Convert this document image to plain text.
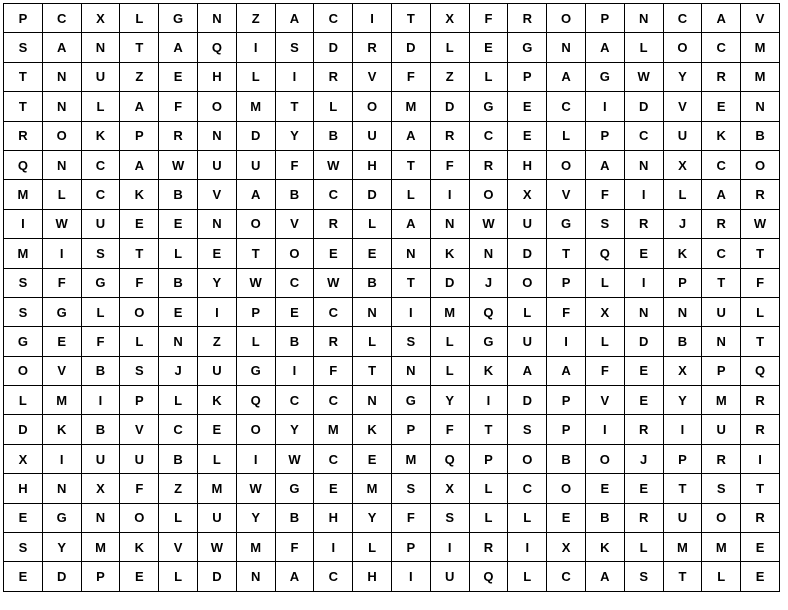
P	C	X	L	G	N	Z	A	C	I	T	X	F	R	O	P	N	C	A	V
S	A	N	T	A	Q	I	S	D	R	D	L	E	G	N	A	L	O	C	M
T	N	U	Z	E	H	L	I	R	V	F	Z	L	P	A	G	W	Y	R	M
T	N	L	A	F	O	M	T	L	O	M	D	G	E	C	I	D	V	E	N
R	O	K	P	R	N	D	Y	B	U	A	R	C	E	L	P	C	U	K	B
Q	N	C	A	W	U	U	F	W	H	T	F	R	H	O	A	N	X	C	O
M	L	C	K	B	V	A	B	C	D	L	I	O	X	V	F	I	L	A	R
I	W	U	E	E	N	O	V	R	L	A	N	W	U	G	S	R	J	R	W
M	I	S	T	L	E	T	O	E	E	N	K	N	D	T	Q	E	K	C	T
S	F	G	F	B	Y	W	C	W	B	T	D	J	O	P	L	I	P	T	F
S	G	L	O	E	I	P	E	C	N	I	M	Q	L	F	X	N	N	U	L
G	E	F	L	N	Z	L	B	R	L	S	L	G	U	I	L	D	B	N	T
O	V	B	S	J	U	G	I	F	T	N	L	K	A	A	F	E	X	P	Q
L	M	I	P	L	K	Q	C	C	N	G	Y	I	D	P	V	E	Y	M	R
D	K	B	V	C	E	O	Y	M	K	P	F	T	S	P	I	R	I	U	R
X	I	U	U	B	L	I	W	C	E	M	Q	P	O	B	O	J	P	R	I
H	N	X	F	Z	M	W	G	E	M	S	X	L	C	O	E	E	T	S	T
E	G	N	O	L	U	Y	B	H	Y	F	S	L	L	E	B	R	U	O	R
S	Y	M	K	V	W	M	F	I	L	P	I	R	I	X	K	L	M	M	E
E	D	P	E	L	D	N	A	C	H	I	U	Q	L	C	A	S	T	L	E
